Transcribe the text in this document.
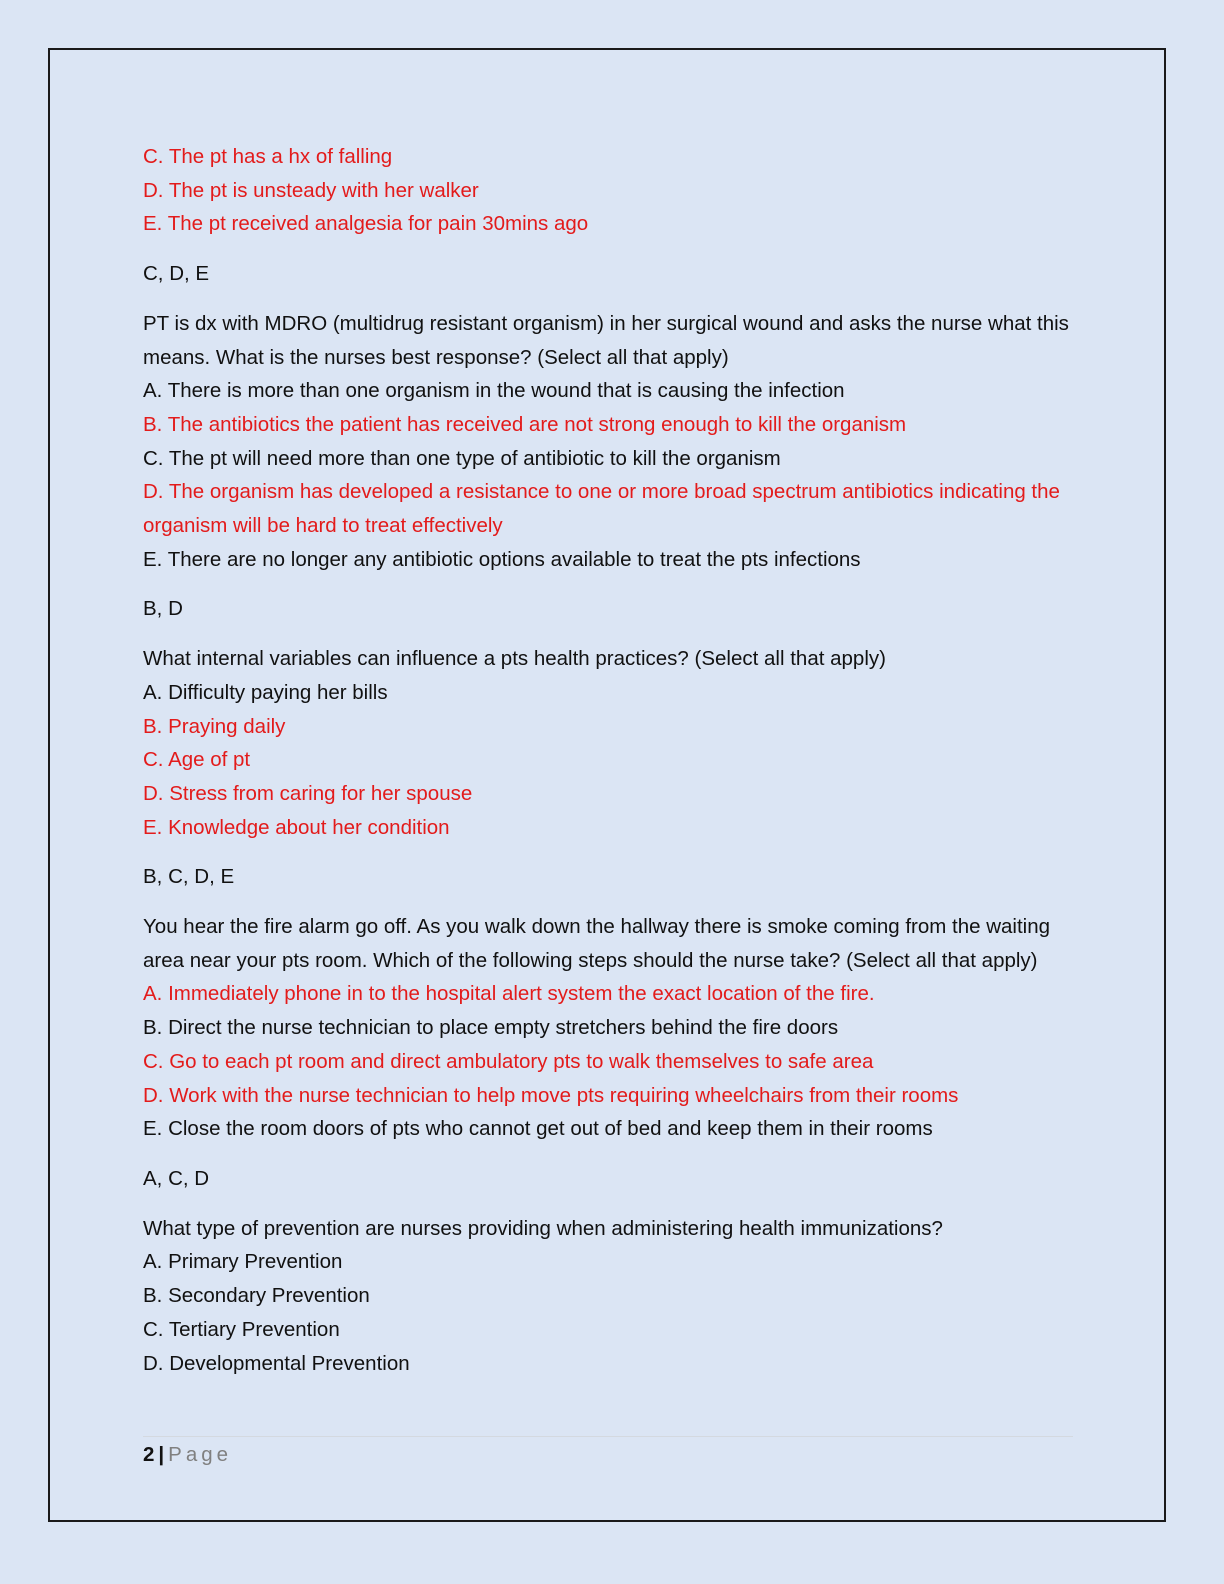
C. The pt has a hx of falling
D. The pt is unsteady with her walker
E. The pt received analgesia for pain 30mins ago
C, D, E
PT is dx with MDRO (multidrug resistant organism) in her surgical wound and asks the nurse what this means. What is the nurses best response? (Select all that apply)
A. There is more than one organism in the wound that is causing the infection
B. The antibiotics the patient has received are not strong enough to kill the organism
C. The pt will need more than one type of antibiotic to kill the organism
D. The organism has developed a resistance to one or more broad spectrum antibiotics indicating the organism will be hard to treat effectively
E. There are no longer any antibiotic options available to treat the pts infections
B, D
What internal variables can influence a pts health practices? (Select all that apply)
A. Difficulty paying her bills
B. Praying daily
C. Age of pt
D. Stress from caring for her spouse
E. Knowledge about her condition
B, C, D, E
You hear the fire alarm go off. As you walk down the hallway there is smoke coming from the waiting area near your pts room. Which of the following steps should the nurse take? (Select all that apply)
A. Immediately phone in to the hospital alert system the exact location of the fire.
B. Direct the nurse technician to place empty stretchers behind the fire doors
C. Go to each pt room and direct ambulatory pts to walk themselves to safe area
D. Work with the nurse technician to help move pts requiring wheelchairs from their rooms
E. Close the room doors of pts who cannot get out of bed and keep them in their rooms
A, C, D
What type of prevention are nurses providing when administering health immunizations?
A. Primary Prevention
B. Secondary Prevention
C. Tertiary Prevention
D. Developmental Prevention
2 | Page
